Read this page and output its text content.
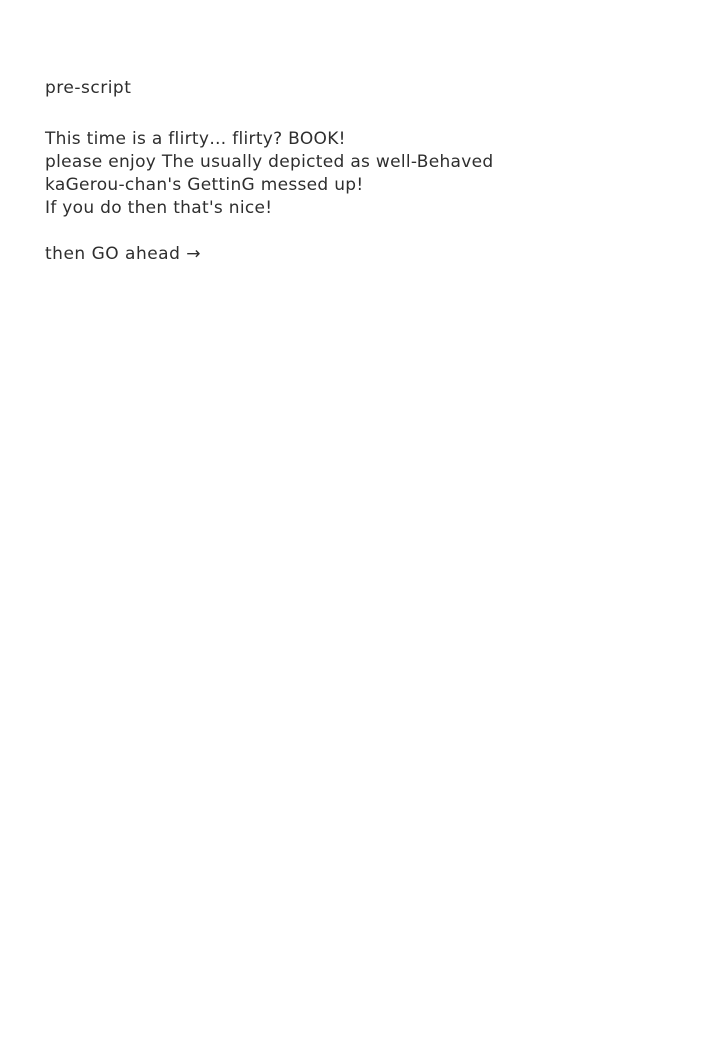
pre-script
This time is a flirty… flirty? BOOK!
please enjoy The usually depicted as well-Behaved
kaGerou-chan's GettinG messed up!
If you do then that's nice!
then GO ahead →
